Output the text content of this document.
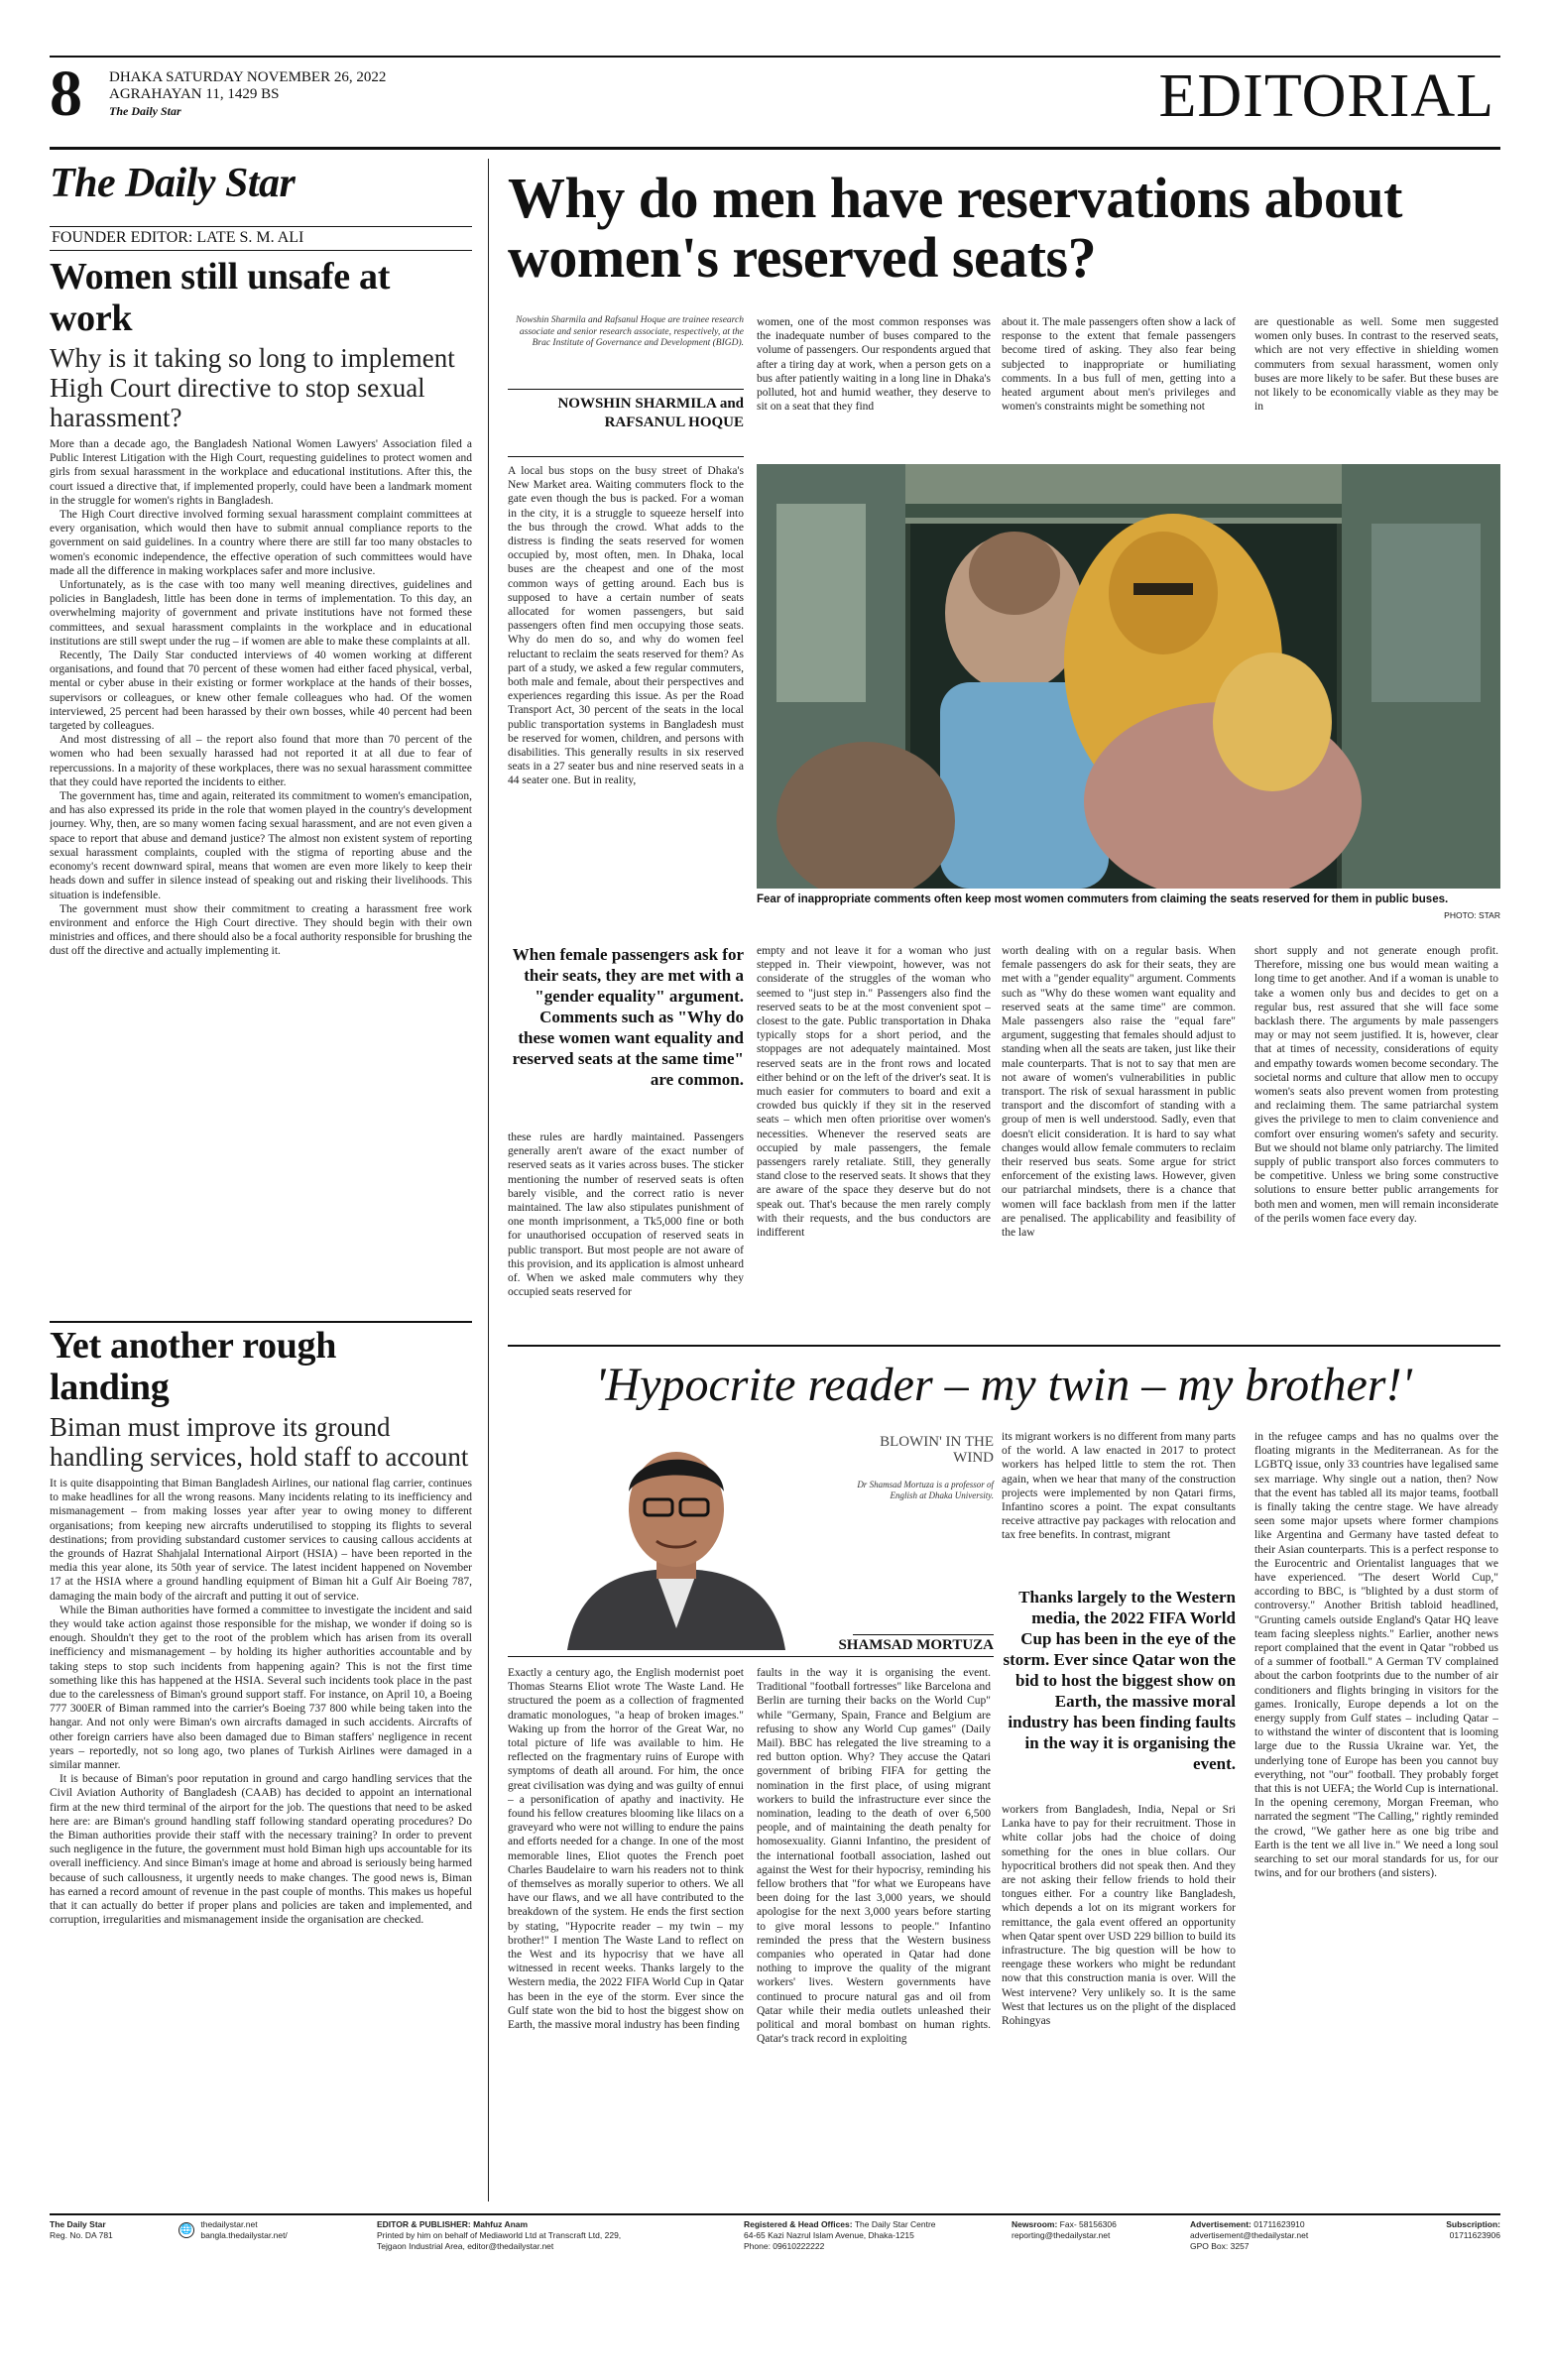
8 DHAKA SATURDAY NOVEMBER 26, 2022
AGRAHAYAN 11, 1429 BS
The Daily Star	EDITORIAL
The Daily Star
FOUNDER EDITOR: LATE S. M. ALI
Women still unsafe at work
Why is it taking so long to implement High Court directive to stop sexual harassment?

More than a decade ago, the Bangladesh National Women Lawyers' Association filed a Public Interest Litigation with the High Court, requesting guidelines to protect women and girls from sexual harassment in the workplace and educational institutions. After this, the court issued a directive that, if implemented properly, could have been a landmark moment in the struggle for women's rights in Bangladesh.

The High Court directive involved forming sexual harassment complaint committees at every organisation, which would then have to submit annual compliance reports to the government on said guidelines. In a country where there are still far too many obstacles to women's economic independence, the effective operation of such committees would have made all the difference in making workplaces safer and more inclusive.

Unfortunately, as is the case with too many well meaning directives, guidelines and policies in Bangladesh, little has been done in terms of implementation. To this day, an overwhelming majority of government and private institutions have not formed these committees, and sexual harassment complaints in the workplace and in educational institutions are still swept under the rug – if women are able to make these complaints at all.

Recently, The Daily Star conducted interviews of 40 women working at different organisations, and found that 70 percent of these women had either faced physical, verbal, mental or cyber abuse in their existing or former workplace at the hands of their bosses, supervisors or colleagues, or knew other female colleagues who had. Of the women interviewed, 25 percent had been harassed by their own bosses, while 40 percent had been targeted by colleagues.

And most distressing of all – the report also found that more than 70 percent of the women who had been sexually harassed had not reported it at all due to fear of repercussions. In a majority of these workplaces, there was no sexual harassment committee that they could have reported the incidents to either.

The government has, time and again, reiterated its commitment to women's emancipation, and has also expressed its pride in the role that women played in the country's development journey. Why, then, are so many women facing sexual harassment, and are not even given a space to report that abuse and demand justice? The almost non existent system of reporting sexual harassment complaints, coupled with the stigma of reporting abuse and the economy's recent downward spiral, means that women are even more likely to keep their heads down and suffer in silence instead of speaking out and risking their livelihoods. This situation is indefensible.

The government must show their commitment to creating a harassment free work environment and enforce the High Court directive. They should begin with their own ministries and offices, and there should also be a focal authority responsible for brushing the dust off the directive and actually implementing it.

Yet another rough landing
Biman must improve its ground handling services, hold staff to account

It is quite disappointing that Biman Bangladesh Airlines, our national flag carrier, continues to make headlines for all the wrong reasons. Many incidents relating to its inefficiency and mismanagement – from making losses year after year to owing money to different organisations; from keeping new aircrafts underutilised to stopping its flights to several destinations; from providing substandard customer services to causing callous accidents at the grounds of Hazrat Shahjalal International Airport (HSIA) – have been reported in the media this year alone, its 50th year of service. The latest incident happened on November 17 at the HSIA where a ground handling equipment of Biman hit a Gulf Air Boeing 787, damaging the main body of the aircraft and putting it out of service.

While the Biman authorities have formed a committee to investigate the incident and said they would take action against those responsible for the mishap, we wonder if doing so is enough. Shouldn't they get to the root of the problem which has arisen from its overall inefficiency and mismanagement – by holding its higher authorities accountable and by taking steps to stop such incidents from happening again? This is not the first time something like this has happened at the HSIA. Several such incidents took place in the past due to the carelessness of Biman's ground support staff. For instance, on April 10, a Boeing 777 300ER of Biman rammed into the carrier's Boeing 737 800 while being taken into the hangar. And not only were Biman's own aircrafts damaged in such accidents. Aircrafts of other foreign carriers have also been damaged due to Biman staffers' negligence in recent years – reportedly, not so long ago, two planes of Turkish Airlines were damaged in a similar manner.

It is because of Biman's poor reputation in ground and cargo handling services that the Civil Aviation Authority of Bangladesh (CAAB) has decided to appoint an international firm at the new third terminal of the airport for the job. The questions that need to be asked here are: are Biman's ground handling staff following standard operating procedures? Do the Biman authorities provide their staff with the necessary training? In order to prevent such negligence in the future, the government must hold Biman high ups accountable for its overall inefficiency. And since Biman's image at home and abroad is seriously being harmed because of such callousness, it urgently needs to make changes. The good news is, Biman has earned a record amount of revenue in the past couple of months. This makes us hopeful that it can actually do better if proper plans and policies are taken and implemented, and corruption, irregularities and mismanagement inside the organisation are checked.

Why do men have reservations about women's reserved seats?
Nowshin Sharmila and Rafsanul Hoque are trainee research associate and senior research associate, respectively, at the Brac Institute of Governance and Development (BIGD).
NOWSHIN SHARMILA and RAFSANUL HOQUE
women, one of the most common responses was the inadequate number of buses compared to the volume of passengers. Our respondents argued that after a tiring day at work, when a person gets on a bus after patiently waiting in a long line in Dhaka's polluted, hot and humid weather, they deserve to sit on a seat that they find
about it. The male passengers often show a lack of response to the extent that female passengers become tired of asking. They also fear being subjected to inappropriate or humiliating comments. In a bus full of men, getting into a heated argument about men's privileges and women's constraints might be something not
are questionable as well. Some men suggested women only buses. In contrast to the reserved seats, which are not very effective in shielding women commuters from sexual harassment, women only buses are more likely to be safer. But these buses are not likely to be economically viable as they may be in
A local bus stops on the busy street of Dhaka's New Market area. Waiting commuters flock to the gate even though the bus is packed. For a woman in the city, it is a struggle to squeeze herself into the bus through the crowd. What adds to the distress is finding the seats reserved for women occupied by, most often, men. In Dhaka, local buses are the cheapest and one of the most common ways of getting around. Each bus is supposed to have a certain number of seats allocated for women passengers, but said passengers often find men occupying those seats. Why do men do so, and why do women feel reluctant to reclaim the seats reserved for them? As part of a study, we asked a few regular commuters, both male and female, about their perspectives and experiences regarding this issue. As per the Road Transport Act, 30 percent of the seats in the local public transportation systems in Bangladesh must be reserved for women, children, and persons with disabilities. This generally results in six reserved seats in a 27 seater bus and nine reserved seats in a 44 seater one. But in reality,
Fear of inappropriate comments often keep most women commuters from claiming the seats reserved for them in public buses.
PHOTO: STAR
When female passengers ask for their seats, they are met with a "gender equality" argument. Comments such as "Why do these women want equality and reserved seats at the same time" are common.
these rules are hardly maintained. Passengers generally aren't aware of the exact number of reserved seats as it varies across buses. The sticker mentioning the number of reserved seats is often barely visible, and the correct ratio is never maintained. The law also stipulates punishment of one month imprisonment, a Tk5,000 fine or both for unauthorised occupation of reserved seats in public transport. But most people are not aware of this provision, and its application is almost unheard of. When we asked male commuters why they occupied seats reserved for
empty and not leave it for a woman who just stepped in. Their viewpoint, however, was not considerate of the struggles of the woman who seemed to "just step in." Passengers also find the reserved seats to be at the most convenient spot – closest to the gate. Public transportation in Dhaka typically stops for a short period, and the stoppages are not adequately maintained. Most reserved seats are in the front rows and located either behind or on the left of the driver's seat. It is much easier for commuters to board and exit a crowded bus quickly if they sit in the reserved seats – which men often prioritise over women's necessities. Whenever the reserved seats are occupied by male passengers, the female passengers rarely retaliate. Still, they generally stand close to the reserved seats. It shows that they are aware of the space they deserve but do not speak out. That's because the men rarely comply with their requests, and the bus conductors are indifferent
worth dealing with on a regular basis. When female passengers do ask for their seats, they are met with a "gender equality" argument. Comments such as "Why do these women want equality and reserved seats at the same time" are common. Male passengers also raise the "equal fare" argument, suggesting that females should adjust to standing when all the seats are taken, just like their male counterparts. That is not to say that men are not aware of women's vulnerabilities in public transport. The risk of sexual harassment in public transport and the discomfort of standing with a group of men is well understood. Sadly, even that doesn't elicit consideration. It is hard to say what changes would allow female commuters to reclaim their reserved bus seats. Some argue for strict enforcement of the existing laws. However, given our patriarchal mindsets, there is a chance that women will face backlash from men if the latter are penalised. The applicability and feasibility of the law
short supply and not generate enough profit. Therefore, missing one bus would mean waiting a long time to get another. And if a woman is unable to take a women only bus and decides to get on a regular bus, rest assured that she will face some backlash there. The arguments by male passengers may or may not seem justified. It is, however, clear that at times of necessity, considerations of equity and empathy towards women become secondary. The societal norms and culture that allow men to occupy women's seats also prevent women from protesting and reclaiming them. The same patriarchal system gives the privilege to men to claim convenience and comfort over ensuring women's safety and security. But we should not blame only patriarchy. The limited supply of public transport also forces commuters to be competitive. Unless we bring some constructive solutions to ensure better public arrangements for both men and women, men will remain inconsiderate of the perils women face every day.
'Hypocrite reader – my twin – my brother!'
BLOWIN' IN THE WIND
Dr Shamsad Mortuza is a professor of English at Dhaka University.
SHAMSAD MORTUZA
Exactly a century ago, the English modernist poet Thomas Stearns Eliot wrote The Waste Land. He structured the poem as a collection of fragmented dramatic monologues, "a heap of broken images." Waking up from the horror of the Great War, no total picture of life was available to him. He reflected on the fragmentary ruins of Europe with symptoms of death all around. For him, the once great civilisation was dying and was guilty of ennui – a personification of apathy and inactivity. He found his fellow creatures blooming like lilacs on a graveyard who were not willing to endure the pains and efforts needed for a change. In one of the most memorable lines, Eliot quotes the French poet Charles Baudelaire to warn his readers not to think of themselves as morally superior to others. We all have our flaws, and we all have contributed to the breakdown of the system. He ends the first section by stating, "Hypocrite reader – my twin – my brother!" I mention The Waste Land to reflect on the West and its hypocrisy that we have all witnessed in recent weeks. Thanks largely to the Western media, the 2022 FIFA World Cup in Qatar has been in the eye of the storm. Ever since the Gulf state won the bid to host the biggest show on Earth, the massive moral industry has been finding
faults in the way it is organising the event. Traditional "football fortresses" like Barcelona and Berlin are turning their backs on the World Cup" while "Germany, Spain, France and Belgium are refusing to show any World Cup games" (Daily Mail). BBC has relegated the live streaming to a red button option. Why? They accuse the Qatari government of bribing FIFA for getting the nomination in the first place, of using migrant workers to build the infrastructure ever since the nomination, leading to the death of over 6,500 people, and of maintaining the death penalty for homosexuality. Gianni Infantino, the president of the international football association, lashed out against the West for their hypocrisy, reminding his fellow brothers that "for what we Europeans have been doing for the last 3,000 years, we should apologise for the next 3,000 years before starting to give moral lessons to people." Infantino reminded the press that the Western business companies who operated in Qatar had done nothing to improve the quality of the migrant workers' lives. Western governments have continued to procure natural gas and oil from Qatar while their media outlets unleashed their political and moral bombast on human rights. Qatar's track record in exploiting
its migrant workers is no different from many parts of the world. A law enacted in 2017 to protect workers has helped little to stem the rot. Then again, when we hear that many of the construction projects were implemented by non Qatari firms, Infantino scores a point. The expat consultants receive attractive pay packages with relocation and tax free benefits. In contrast, migrant
Thanks largely to the Western media, the 2022 FIFA World Cup has been in the eye of the storm. Ever since Qatar won the bid to host the biggest show on Earth, the massive moral industry has been finding faults in the way it is organising the event.
workers from Bangladesh, India, Nepal or Sri Lanka have to pay for their recruitment. Those in white collar jobs had the choice of doing something for the ones in blue collars. Our hypocritical brothers did not speak then. And they are not asking their fellow friends to hold their tongues either. For a country like Bangladesh, which depends a lot on its migrant workers for remittance, the gala event offered an opportunity when Qatar spent over USD 229 billion to build its infrastructure. The big question will be how to reengage these workers who might be redundant now that this construction mania is over. Will the West intervene? Very unlikely so. It is the same West that lectures us on the plight of the displaced Rohingyas
in the refugee camps and has no qualms over the floating migrants in the Mediterranean. As for the LGBTQ issue, only 33 countries have legalised same sex marriage. Why single out a nation, then? Now that the event has tabled all its major teams, football is finally taking the centre stage. We have already seen some major upsets where former champions like Argentina and Germany have tasted defeat to their Asian counterparts. This is a perfect response to the Eurocentric and Orientalist languages that we have experienced. "The desert World Cup," according to BBC, is "blighted by a dust storm of controversy." Another British tabloid headlined, "Grunting camels outside England's Qatar HQ leave team facing sleepless nights." Earlier, another news report complained that the event in Qatar "robbed us of a summer of football." A German TV complained about the carbon footprints due to the number of air conditioners and flights bringing in visitors for the games. Ironically, Europe depends a lot on the energy supply from Gulf states – including Qatar – to withstand the winter of discontent that is looming large due to the Russia Ukraine war. Yet, the underlying tone of Europe has been you cannot buy everything, not "our" football. They probably forget that this is not UEFA; the World Cup is international. In the opening ceremony, Morgan Freeman, who narrated the segment "The Calling," rightly reminded the crowd, "We gather here as one big tribe and Earth is the tent we all live in." We need a long soul searching to set our moral standards for us, for our twins, and for our brothers (and sisters).
The Daily Star
Reg. No. DA 781	🌐 thedailystar.net
bangla.thedailystar.net/
EDITOR & PUBLISHER: Mahfuz Anam
Printed by him on behalf of Mediaworld Ltd at Transcraft Ltd, 229,
Tejgaon Industrial Area, editor@thedailystar.net
Registered & Head Offices: The Daily Star Centre
64-65 Kazi Nazrul Islam Avenue, Dhaka-1215
Phone: 09610222222
Newsroom: Fax- 58156306
reporting@thedailystar.net
Advertisement: 01711623910
advertisement@thedailystar.net
GPO Box: 3257
Subscription:
01711623906
